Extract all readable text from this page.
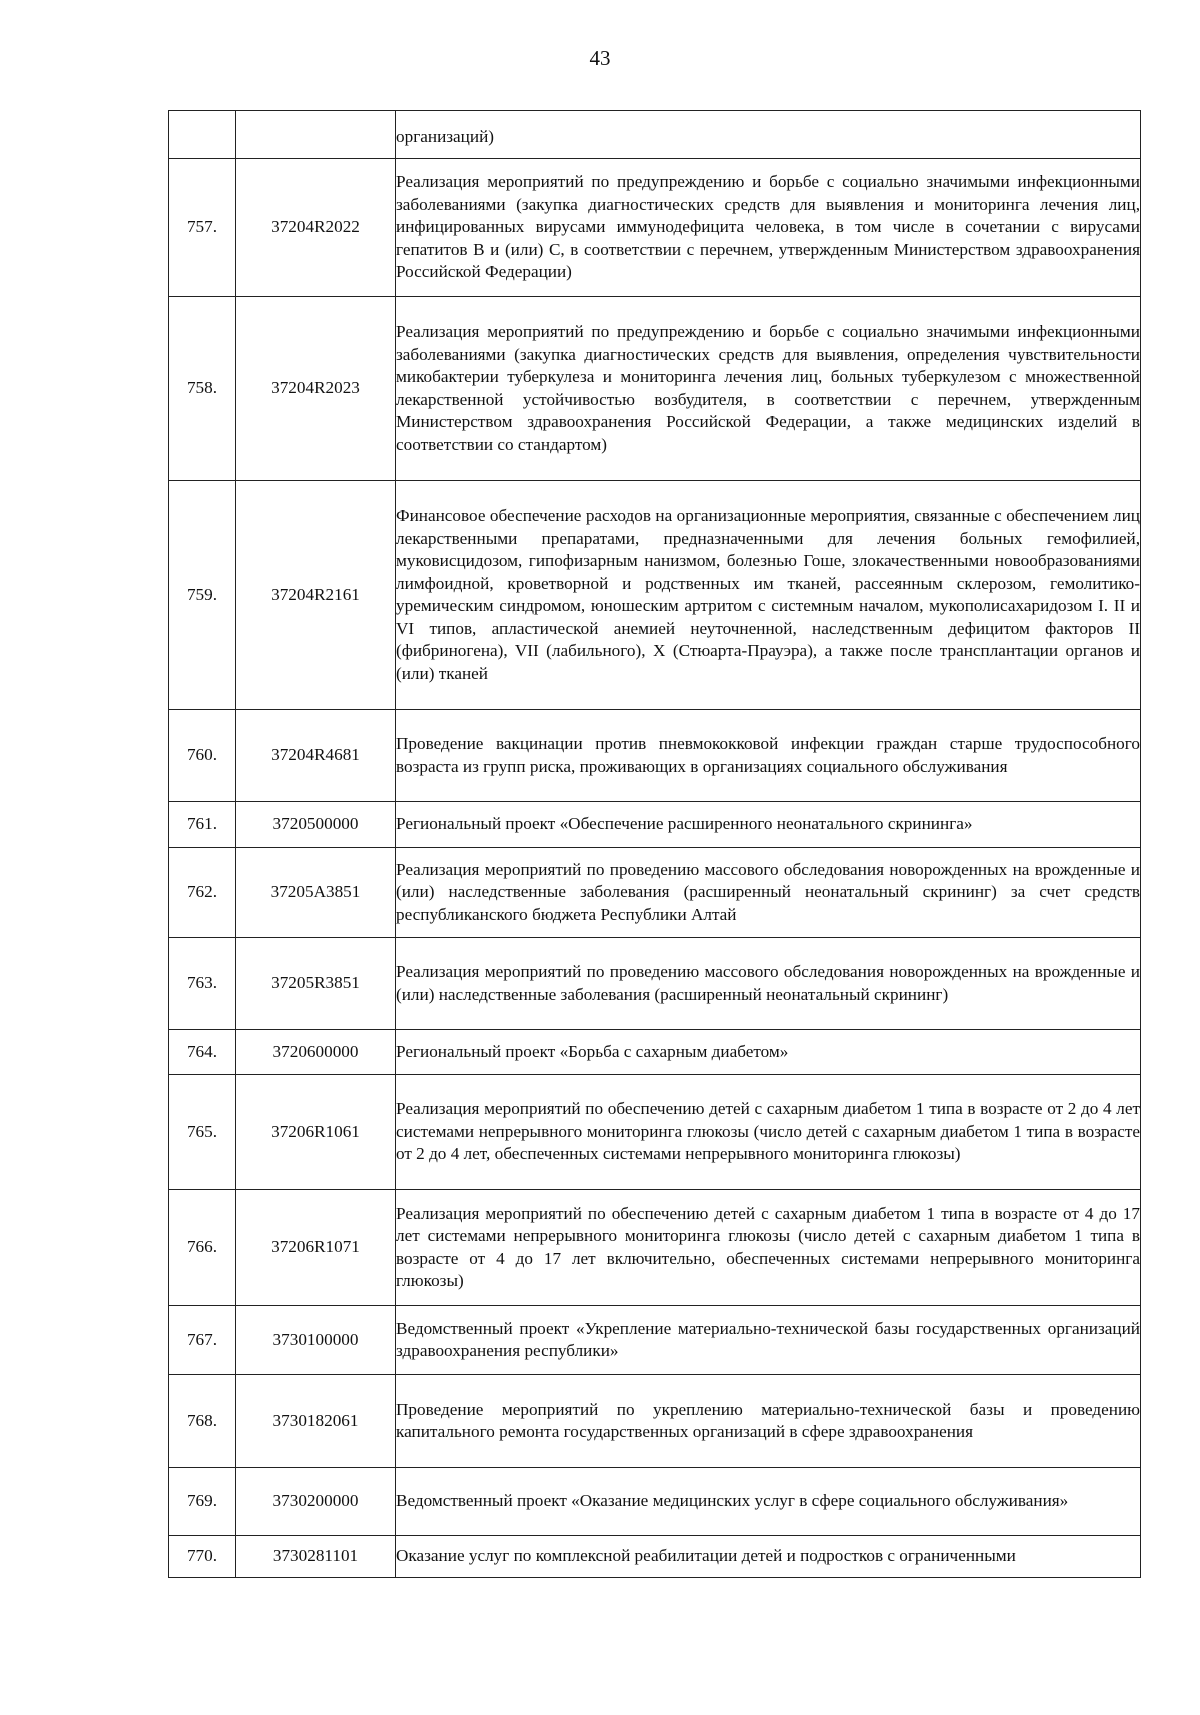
43
		организаций)
757.	37204R2022	Реализация мероприятий по предупреждению и борьбе с социально значимыми инфекционными заболеваниями (закупка диагностических средств для выявления и мониторинга лечения лиц, инфицированных вирусами иммунодефицита человека, в том числе в сочетании с вирусами гепатитов В и (или) С, в соответствии с перечнем, утвержденным Министерством здравоохранения Российской Федерации)
758.	37204R2023	Реализация мероприятий по предупреждению и борьбе с социально значимыми инфекционными заболеваниями (закупка диагностических средств для выявления, определения чувствительности микобактерии туберкулеза и мониторинга лечения лиц, больных туберкулезом с множественной лекарственной устойчивостью возбудителя, в соответствии с перечнем, утвержденным Министерством здравоохранения Российской Федерации, а также медицинских изделий в соответствии со стандартом)
759.	37204R2161	Финансовое обеспечение расходов на организационные мероприятия, связанные с обеспечением лиц лекарственными препаратами, предназначенными для лечения больных гемофилией, муковисцидозом, гипофизарным нанизмом, болезнью Гоше, злокачественными новообразованиями лимфоидной, кроветворной и родственных им тканей, рассеянным склерозом, гемолитико-уремическим синдромом, юношеским артритом с системным началом, мукополисахаридозом I. II и VI типов, апластической анемией неуточненной, наследственным дефицитом факторов II (фибриногена), VII (лабильного), X (Стюарта-Прауэра), а также после трансплантации органов и (или) тканей
760.	37204R4681	Проведение вакцинации против пневмококковой инфекции граждан старше трудоспособного возраста из групп риска, проживающих в организациях социального обслуживания
761.	3720500000	Региональный проект «Обеспечение расширенного неонатального скрининга»
762.	37205А3851	Реализация мероприятий по проведению массового обследования новорожденных на врожденные и (или) наследственные заболевания (расширенный неонатальный скрининг) за счет средств республиканского бюджета Республики Алтай
763.	37205R3851	Реализация мероприятий по проведению массового обследования новорожденных на врожденные и (или) наследственные заболевания (расширенный неонатальный скрининг)
764.	3720600000	Региональный проект «Борьба с сахарным диабетом»
765.	37206R1061	Реализация мероприятий по обеспечению детей с сахарным диабетом 1 типа в возрасте от 2 до 4 лет системами непрерывного мониторинга глюкозы (число детей с сахарным диабетом 1 типа в возрасте от 2 до 4 лет, обеспеченных системами непрерывного мониторинга глюкозы)
766.	37206R1071	Реализация мероприятий по обеспечению детей с сахарным диабетом 1 типа в возрасте от 4 до 17 лет системами непрерывного мониторинга глюкозы (число детей с сахарным диабетом 1 типа в возрасте от 4 до 17 лет включительно, обеспеченных системами непрерывного мониторинга глюкозы)
767.	3730100000	Ведомственный проект «Укрепление материально-технической базы государственных организаций здравоохранения республики»
768.	3730182061	Проведение мероприятий по укреплению материально-технической базы и проведению капитального ремонта государственных организаций в сфере здравоохранения
769.	3730200000	Ведомственный проект «Оказание медицинских услуг в сфере социального обслуживания»
770.	3730281101	Оказание услуг по комплексной реабилитации детей и подростков с ограниченными
